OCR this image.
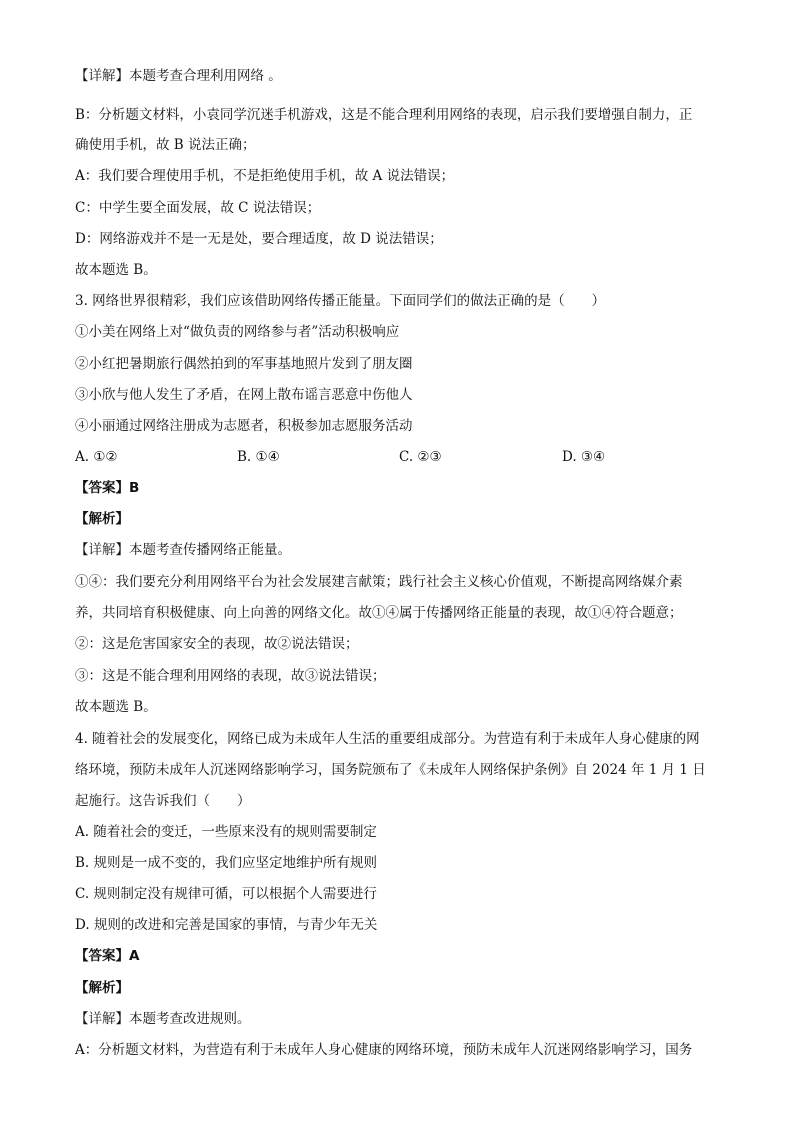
【详解】本题考查合理利用网络 。
B：分析题文材料，小袁同学沉迷手机游戏，这是不能合理利用网络的表现，启示我们要增强自制力，正
确使用手机，故 B 说法正确；
A：我们要合理使用手机，不是拒绝使用手机，故 A 说法错误；
C：中学生要全面发展，故 C 说法错误；
D：网络游戏并不是一无是处，要合理适度，故 D 说法错误；
故本题选 B。
3. 网络世界很精彩，我们应该借助网络传播正能量。下面同学们的做法正确的是（　　）
①小美在网络上对“做负责的网络参与者”活动积极响应
②小红把暑期旅行偶然拍到的军事基地照片发到了朋友圈
③小欣与他人发生了矛盾，在网上散布谣言恶意中伤他人
④小丽通过网络注册成为志愿者，积极参加志愿服务活动
A. ①②	B. ①④	C. ②③	D. ③④
【答案】B
【解析】
【详解】本题考查传播网络正能量。
①④：我们要充分利用网络平台为社会发展建言献策；践行社会主义核心价值观，不断提高网络媒介素
养，共同培育积极健康、向上向善的网络文化。故①④属于传播网络正能量的表现，故①④符合题意；
②：这是危害国家安全的表现，故②说法错误；
③：这是不能合理利用网络的表现，故③说法错误；
故本题选 B。
4. 随着社会的发展变化，网络已成为未成年人生活的重要组成部分。为营造有利于未成年人身心健康的网
络环境，预防未成年人沉迷网络影响学习，国务院颁布了《未成年人网络保护条例》自 2024 年 1 月 1 日
起施行。这告诉我们（　　）
A. 随着社会的变迁，一些原来没有的规则需要制定
B. 规则是一成不变的，我们应坚定地维护所有规则
C. 规则制定没有规律可循，可以根据个人需要进行
D. 规则的改进和完善是国家的事情，与青少年无关
【答案】A
【解析】
【详解】本题考查改进规则。
A：分析题文材料，为营造有利于未成年人身心健康的网络环境，预防未成年人沉迷网络影响学习，国务
